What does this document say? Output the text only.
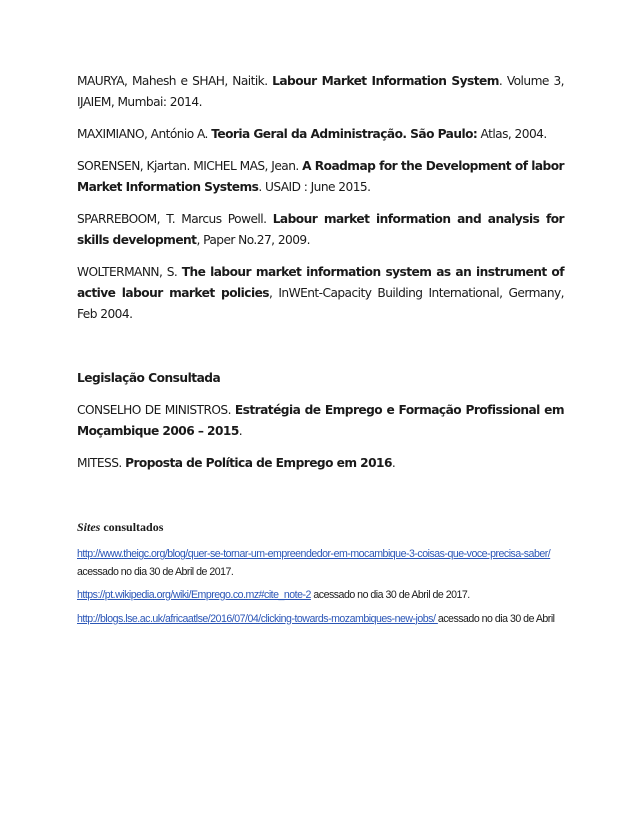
MAURYA, Mahesh e SHAH, Naitik. Labour Market Information System. Volume 3, IJAIEM, Mumbai: 2014.

MAXIMIANO, António A. Teoria Geral da Administração. São Paulo: Atlas, 2004.

SORENSEN, Kjartan. MICHEL MAS, Jean. A Roadmap for the Development of labor Market Information Systems. USAID : June 2015.

SPARREBOOM, T. Marcus Powell. Labour market information and analysis for skills development, Paper No.27, 2009.

WOLTERMANN, S. The labour market information system as an instrument of active labour market policies, InWEnt-Capacity Building International, Germany, Feb 2004.

Legislação Consultada

CONSELHO DE MINISTROS. Estratégia de Emprego e Formação Profissional em Moçambique 2006 – 2015.

MITESS. Proposta de Política de Emprego em 2016.

Sites consultados

http://www.theigc.org/blog/quer-se-tornar-um-empreendedor-em-mocambique-3-coisas-que-voce-precisa-saber/ acessado no dia 30 de Abril de 2017.

https://pt.wikipedia.org/wiki/Emprego.co.mz#cite_note-2 acessado no dia 30 de Abril de 2017.

http://blogs.lse.ac.uk/africaatlse/2016/07/04/clicking-towards-mozambiques-new-jobs/ acessado no dia 30 de Abril
